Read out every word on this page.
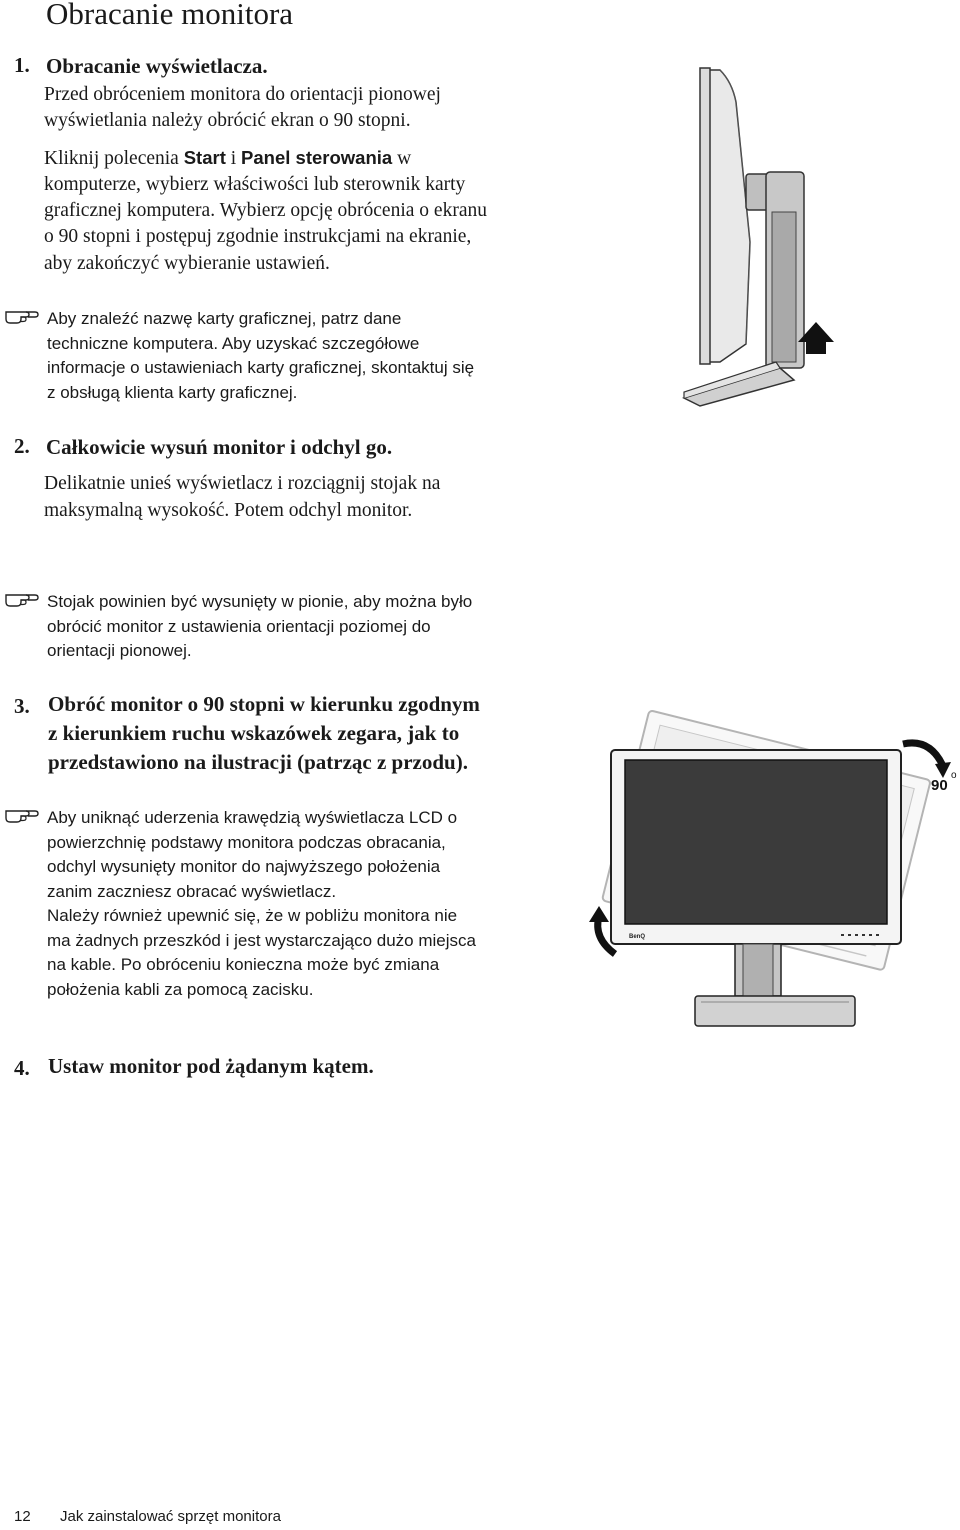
Obracanie monitora
1. Obracanie wyświetlacza.
Przed obróceniem monitora do orientacji pionowej
wyświetlania należy obrócić ekran o 90 stopni.
Kliknij polecenia Start i Panel sterowania w
komputerze, wybierz właściwości lub sterownik karty
graficznej komputera. Wybierz opcję obrócenia o ekranu
o 90 stopni i postępuj zgodnie instrukcjami na ekranie,
aby zakończyć wybieranie ustawień.
Aby znaleźć nazwę karty graficznej, patrz dane
techniczne komputera. Aby uzyskać szczegółowe
informacje o ustawieniach karty graficznej, skontaktuj się
z obsługą klienta karty graficznej.
2. Całkowicie wysuń monitor i odchyl go.
Delikatnie unieś wyświetlacz i rozciągnij stojak na
maksymalną wysokość. Potem odchyl monitor.
Stojak powinien być wysunięty w pionie, aby można było
obrócić monitor z ustawienia orientacji poziomej do
orientacji pionowej.
3. Obróć monitor o 90 stopni w kierunku zgodnym
z kierunkiem ruchu wskazówek zegara, jak to
przedstawiono na ilustracji (patrząc z przodu).
Aby uniknąć uderzenia krawędzią wyświetlacza LCD o
powierzchnię podstawy monitora podczas obracania,
odchyl wysunięty monitor do najwyższego położenia
zanim zaczniesz obracać wyświetlacz.
Należy również upewnić się, że w pobliżu monitora nie
ma żadnych przeszkód i jest wystarczająco dużo miejsca
na kable. Po obróceniu konieczna może być zmiana
położenia kabli za pomocą zacisku.
BenQ
90
o
4. Ustaw monitor pod żądanym kątem.
12 Jak zainstalować sprzęt monitora
